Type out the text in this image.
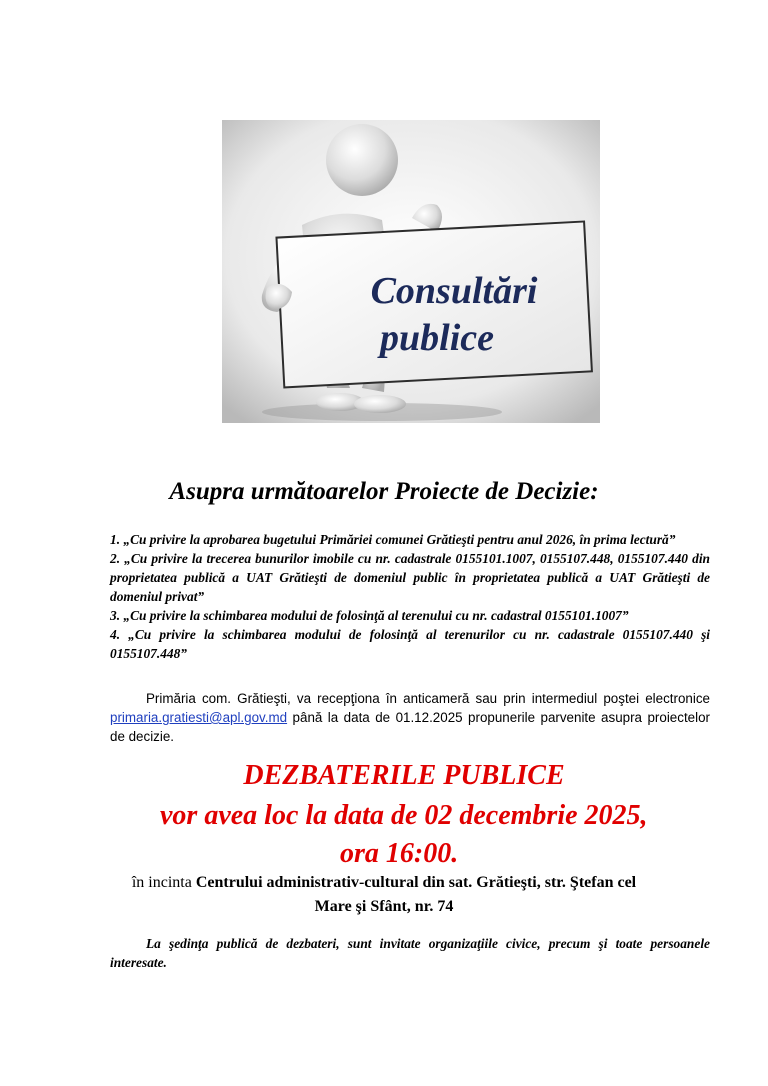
Consultări
publice
Asupra următoarelor Proiecte de Decizie:
1. „Cu privire la aprobarea bugetului Primăriei comunei Grătieşti pentru anul 2026, în prima lectură”
2. „Cu privire la trecerea bunurilor imobile cu nr. cadastrale 0155101.1007, 0155107.448, 0155107.440 din proprietatea publică a UAT Grătieşti de domeniul public în proprietatea publică a UAT Grătieşti de domeniul privat”
3. „Cu privire la schimbarea modului de folosinţă al terenului cu nr. cadastral 0155101.1007”
4. „Cu privire la schimbarea modului de folosinţă al terenurilor cu nr. cadastrale 0155107.440 şi 0155107.448”

Primăria com. Grătieşti, va recepţiona în anticameră sau prin intermediul poştei electronice primaria.gratiesti@apl.gov.md până la data de 01.12.2025 propunerile parvenite asupra proiectelor de decizie.

DEZBATERILE PUBLICE

vor avea loc la data de 02 decembrie 2025,

ora 16:00.

în incinta Centrului administrativ-cultural din sat. Grătieşti, str. Ştefan cel

Mare şi Sfânt, nr. 74

La şedinţa publică de dezbateri, sunt invitate organizaţiile civice, precum şi toate persoanele interesate.
